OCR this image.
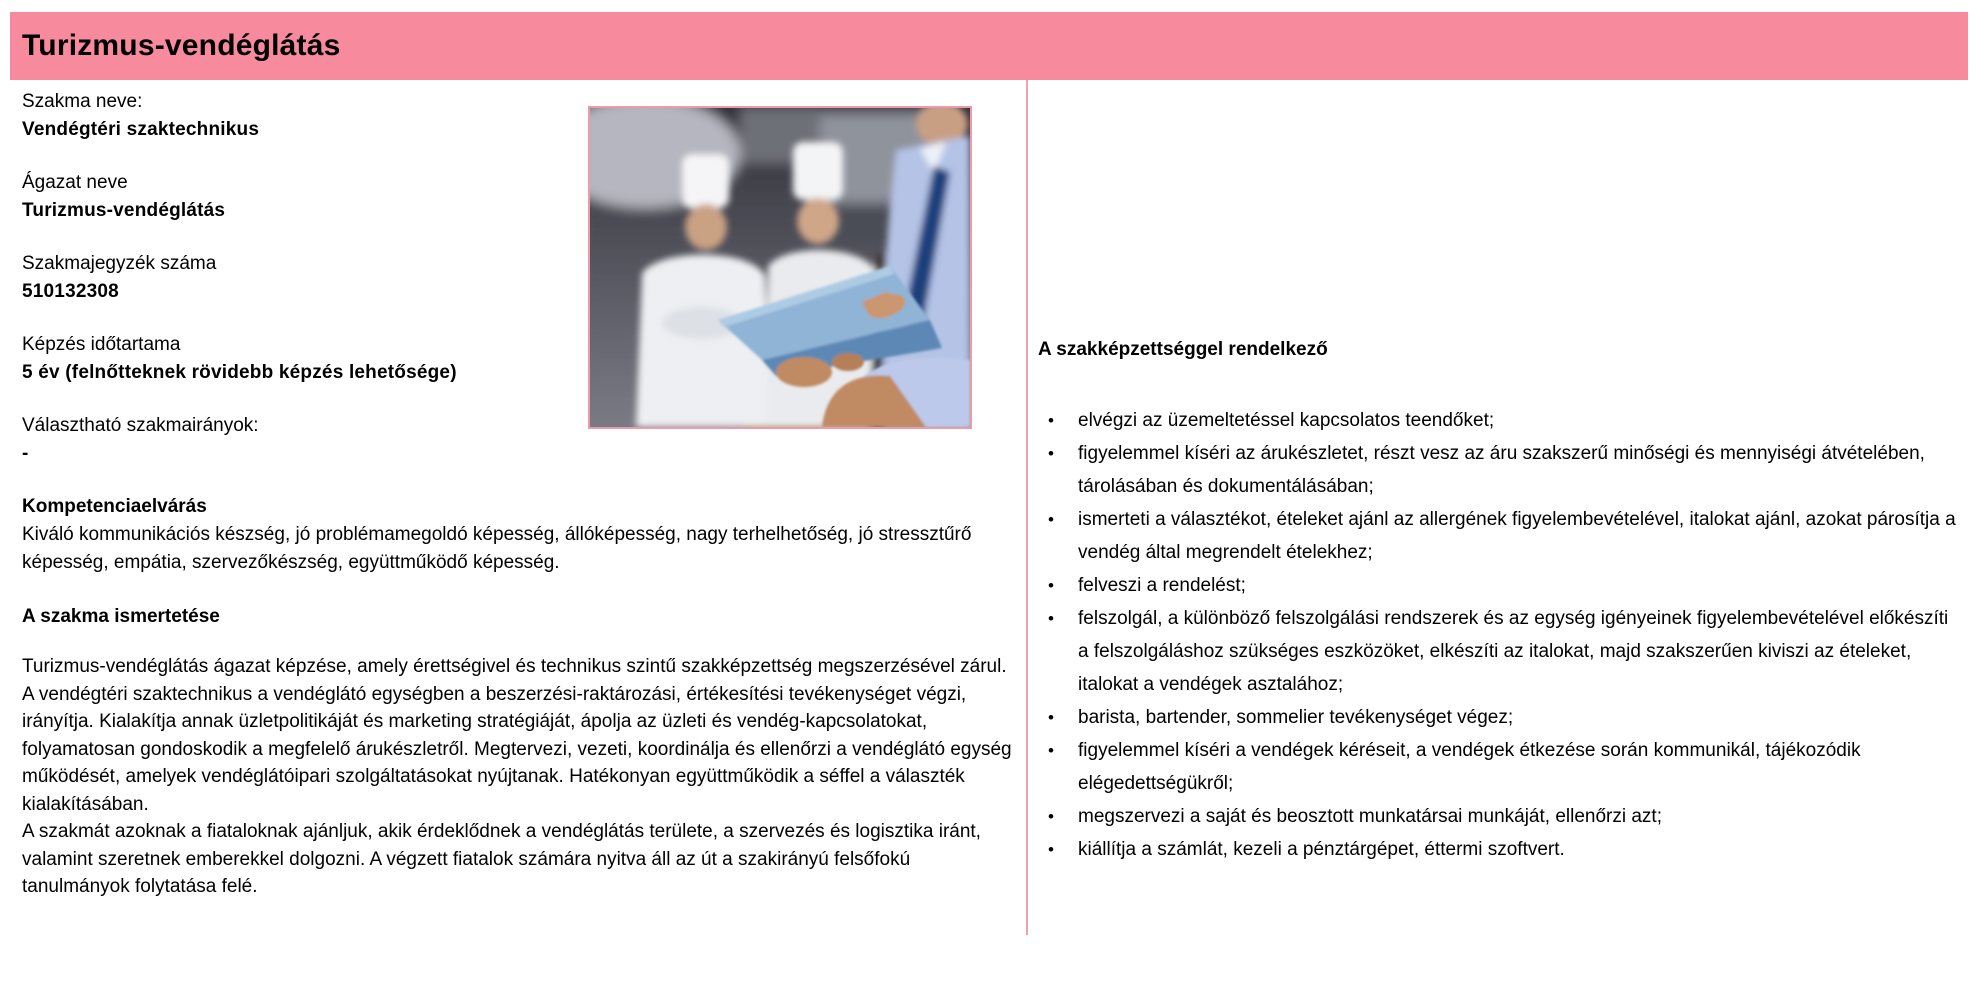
Turizmus-vendéglátás
Szakma neve:
Vendégtéri szaktechnikus
Ágazat neve
Turizmus-vendéglátás
Szakmajegyzék száma
510132308
Képzés időtartama
5 év (felnőtteknek rövidebb képzés lehetősége)
Választható szakmairányok:
-
Kompetenciaelvárás

Kiváló kommunikációs készség, jó problémamegoldó képesség, állóképesség, nagy terhelhetőség, jó stressztűrő képesség, empátia, szervezőkészség, együttműködő képesség.

A szakma ismertetése

Turizmus-vendéglátás ágazat képzése, amely érettségivel és technikus szintű szakképzettség megszerzésével zárul. A vendégtéri szaktechnikus a vendéglátó egységben a beszerzési-raktározási, értékesítési tevékenységet végzi, irányítja. Kialakítja annak üzletpolitikáját és marketing stratégiáját, ápolja az üzleti és vendég-kapcsolatokat, folyamatosan gondoskodik a megfelelő árukészletről. Megtervezi, vezeti, koordinálja és ellenőrzi a vendéglátó egység működését, amelyek vendéglátóipari szolgáltatásokat nyújtanak. Hatékonyan együttműködik a séffel a választék kialakításában.

A szakmát azoknak a fiataloknak ajánljuk, akik érdeklődnek a vendéglátás területe, a szervezés és logisztika iránt, valamint szeretnek emberekkel dolgozni. A végzett fiatalok számára nyitva áll az út a szakirányú felsőfokú tanulmányok folytatása felé.

A szakképzettséggel rendelkező
• elvégzi az üzemeltetéssel kapcsolatos teendőket;
• figyelemmel kíséri az árukészletet, részt vesz az áru szakszerű minőségi és mennyiségi átvételében, tárolásában és dokumentálásában;
• ismerteti a választékot, ételeket ajánl az allergének figyelembevételével, italokat ajánl, azokat párosítja a vendég által megrendelt ételekhez;
• felveszi a rendelést;
• felszolgál, a különböző felszolgálási rendszerek és az egység igényeinek figyelembevételével előkészíti a felszolgáláshoz szükséges eszközöket, elkészíti az italokat, majd szakszerűen kiviszi az ételeket, italokat a vendégek asztalához;
• barista, bartender, sommelier tevékenységet végez;
• figyelemmel kíséri a vendégek kéréseit, a vendégek étkezése során kommunikál, tájékozódik elégedettségükről;
• megszervezi a saját és beosztott munkatársai munkáját, ellenőrzi azt;
• kiállítja a számlát, kezeli a pénztárgépet, éttermi szoftvert.
